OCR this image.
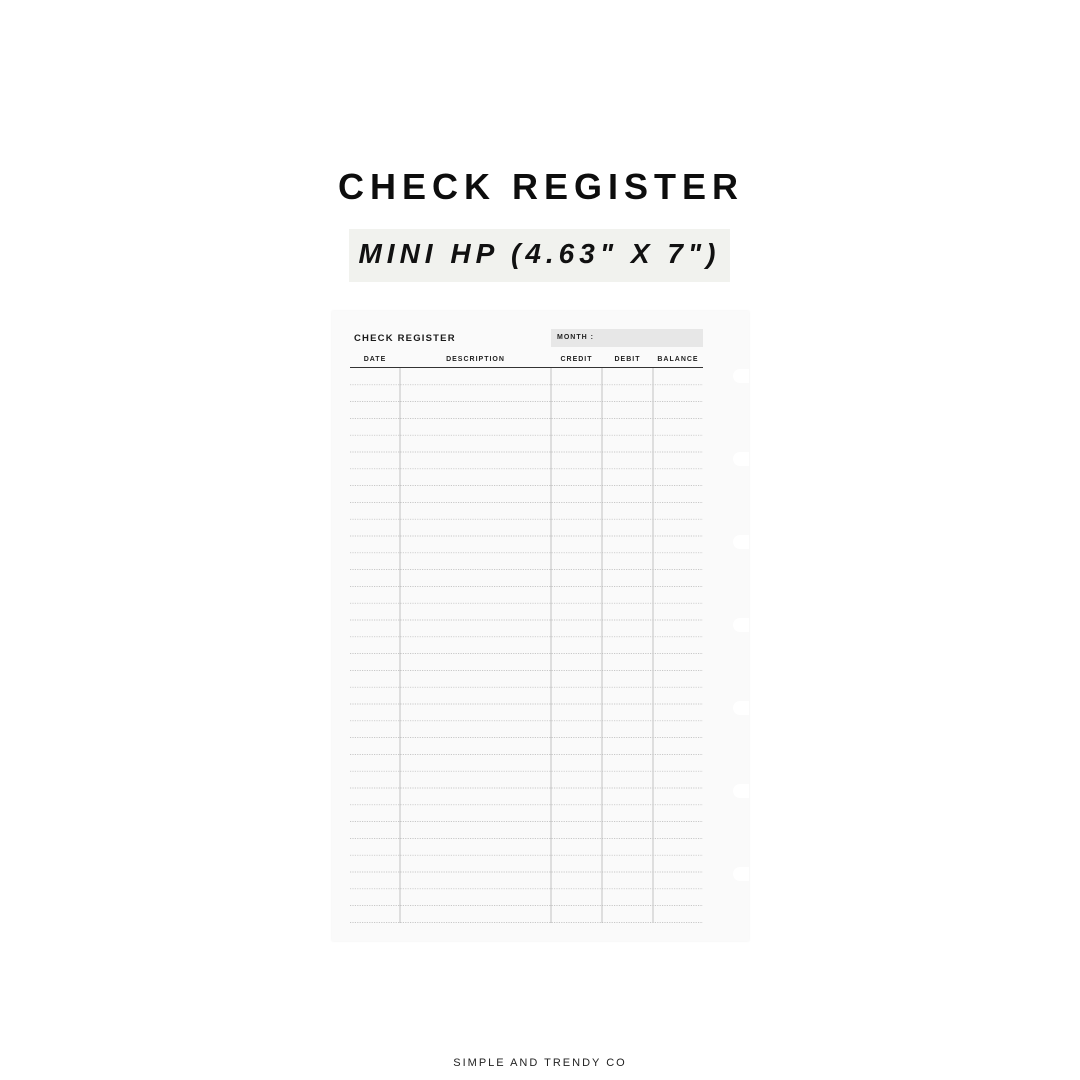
CHECK REGISTER
MINI HP (4.63" X 7")
CHECK REGISTER	MONTH :
DATE	DESCRIPTION	CREDIT	DEBIT	BALANCE
SIMPLE AND TRENDY CO
